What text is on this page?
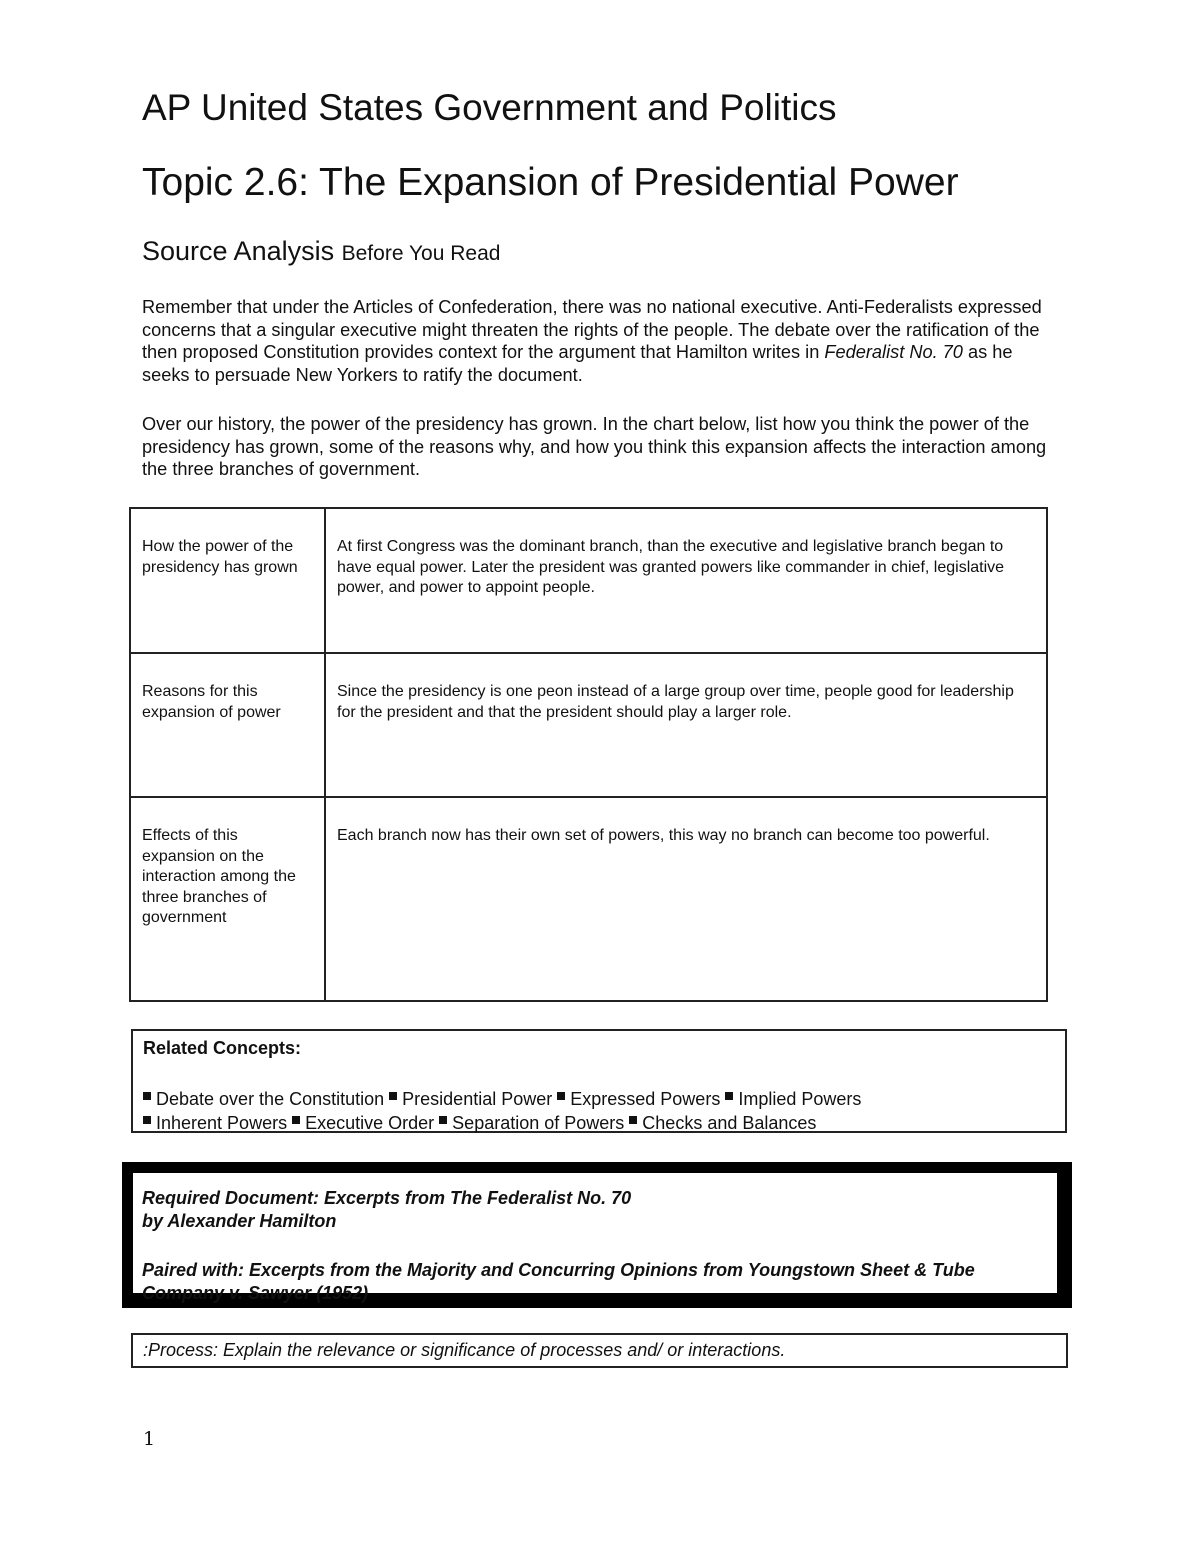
AP United States Government and Politics
Topic 2.6: The Expansion of Presidential Power
Source Analysis Before You Read
Remember that under the Articles of Confederation, there was no national executive. Anti-Federalists expressed concerns that a singular executive might threaten the rights of the people. The debate over the ratification of the then proposed Constitution provides context for the argument that Hamilton writes in Federalist No. 70 as he seeks to persuade New Yorkers to ratify the document.
Over our history, the power of the presidency has grown. In the chart below, list how you think the power of the presidency has grown, some of the reasons why, and how you think this expansion affects the interaction among the three branches of government.
How the power of the presidency has grown	At first Congress was the dominant branch, than the executive and legislative branch began to have equal power. Later the president was granted powers like commander in chief, legislative power, and power to appoint people.
Reasons for this expansion of power	Since the presidency is one peon instead of a large group over time, people good for leadership for the president and that the president should play a larger role.
Effects of this expansion on the interaction among the three branches of government	Each branch now has their own set of powers, this way no branch can become too powerful.
Related Concepts:
Debate over the Constitution Presidential Power Expressed Powers Implied Powers
Inherent Powers Executive Order Separation of Powers Checks and Balances
Required Document: Excerpts from The Federalist No. 70
by Alexander Hamilton
Paired with: Excerpts from the Majority and Concurring Opinions from Youngstown Sheet & Tube
Company v. Sawyer (1952)
:Process: Explain the relevance or significance of processes and/ or interactions.
1
